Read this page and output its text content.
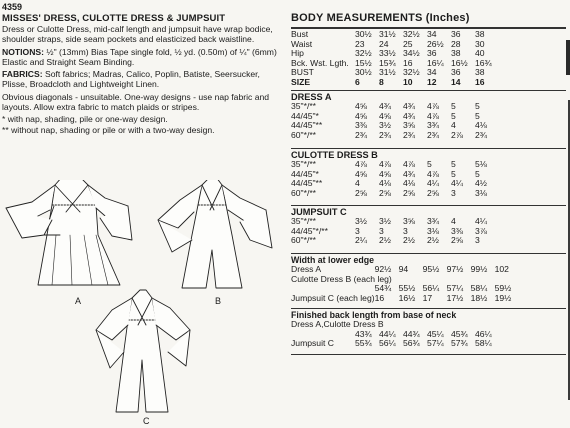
4359
MISSES' DRESS, CULOTTE DRESS & JUMPSUIT
Dress or Culotte Dress, mid-calf length and jumpsuit have wrap bodice, shoulder straps, side seam pockets and elasticized back waistline.
NOTIONS: ½" (13mm) Bias Tape single fold, ½ yd. (0.50m) of ¼" (6mm) Elastic and Straight Seam Binding.
FABRICS: Soft fabrics; Madras, Calico, Poplin, Batiste, Seersucker, Plisse, Broadcloth and Lightweight Linen.
Obvious diagonals - unsuitable. One-way designs - use nap fabric and layouts. Allow extra fabric to match plaids or stripes.
* with nap, shading, pile or one-way design.
** without nap, shading or pile or with a two-way design.
A	B
C
BODY MEASUREMENTS (Inches)
Bust	30½	31½	32½	34	36	38
Waist	23	24	25	26½	28	30
Hip	32½	33½	34½	36	38	40
Bck. Wst. Lgth.	15½	15¾	16	16¼	16½	16¾
BUST	30½	31½	32½	34	36	38
SIZE	6	8	10	12	14	16
DRESS A
35"*/**	4⅝	4¾	4¾	4⅞	5	5
44/45"*	4⅝	4⅝	4¾	4⅞	5	5
44/45"**	3⅜	3½	3⅝	3¾	4	4⅛
60"*/**	2¾	2¾	2¾	2¾	2⅞	2¾
CULOTTE DRESS B
35"*/**	4⅞	4⅞	4⅞	5	5	5⅛
44/45"*	4⅝	4⅝	4¾	4⅞	5	5
44/45"**	4	4⅛	4⅛	4¼	4¼	4½
60"*/**	2⅝	2⅝	2⅝	2⅝	3	3⅛
JUMPSUIT C
35"*/**	3½	3½	3⅝	3¾	4	4¼
44/45"*/**	3	3	3	3⅛	3⅜	3⅞
60"*/**	2¼	2½	2½	2½	2⅝	3
Width at lower edge
Dress A	92½	94	95½	97½	99½	102
Culotte Dress B (each leg)						
	54¾	55½	56¼	57¼	58¼	59½
Jumpsuit C (each leg)	16	16½	17	17½	18½	19½
Finished back length from base of neck
Dress A,Culotte Dress B						
	43¾	44¼	44¾	45¼	45¾	46¼
Jumpsuit C	55¾	56¼	56¾	57¼	57¾	58¼
